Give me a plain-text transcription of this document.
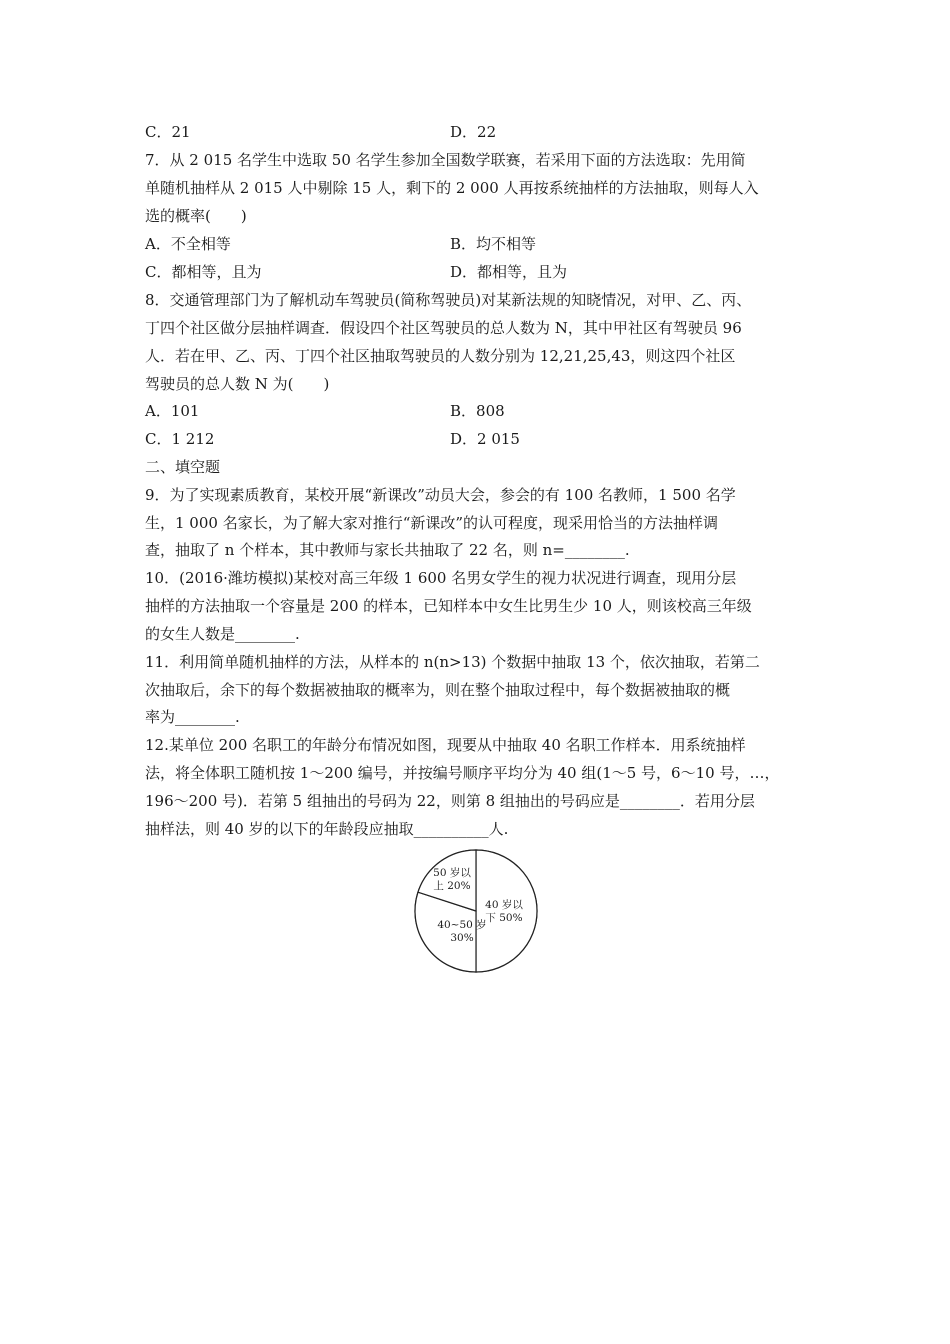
C．21	D．22
7．从 2 015 名学生中选取 50 名学生参加全国数学联赛，若采用下面的方法选取：先用简
单随机抽样从 2 015 人中剔除 15 人，剩下的 2 000 人再按系统抽样的方法抽取，则每人入
选的概率(　　)
A．不全相等	B．均不相等
C．都相等，且为	D．都相等，且为
8．交通管理部门为了解机动车驾驶员(简称驾驶员)对某新法规的知晓情况，对甲、乙、丙、
丁四个社区做分层抽样调查．假设四个社区驾驶员的总人数为 N，其中甲社区有驾驶员 96
人．若在甲、乙、丙、丁四个社区抽取驾驶员的人数分别为 12,21,25,43，则这四个社区
驾驶员的总人数 N 为(　　)
A．101	B．808
C．1 212	D．2 015
二、填空题
9．为了实现素质教育，某校开展“新课改”动员大会，参会的有 100 名教师，1 500 名学
生，1 000 名家长，为了解大家对推行“新课改”的认可程度，现采用恰当的方法抽样调
查，抽取了 n 个样本，其中教师与家长共抽取了 22 名，则 n=________.
10．(2016·潍坊模拟)某校对高三年级 1 600 名男女学生的视力状况进行调查，现用分层
抽样的方法抽取一个容量是 200 的样本，已知样本中女生比男生少 10 人，则该校高三年级
的女生人数是________.
11．利用简单随机抽样的方法，从样本的 n(n>13) 个数据中抽取 13 个，依次抽取，若第二
次抽取后，余下的每个数据被抽取的概率为，则在整个抽取过程中，每个数据被抽取的概
率为________.
12.某单位 200 名职工的年龄分布情况如图，现要从中抽取 40 名职工作样本．用系统抽样
法，将全体职工随机按 1～200 编号，并按编号顺序平均分为 40 组(1～5 号，6～10 号，…，
196～200 号)．若第 5 组抽出的号码为 22，则第 8 组抽出的号码应是________．若用分层
抽样法，则 40 岁的以下的年龄段应抽取__________人.
40 岁以
下 50%
40~50 岁
30%
50 岁以
上 20%
